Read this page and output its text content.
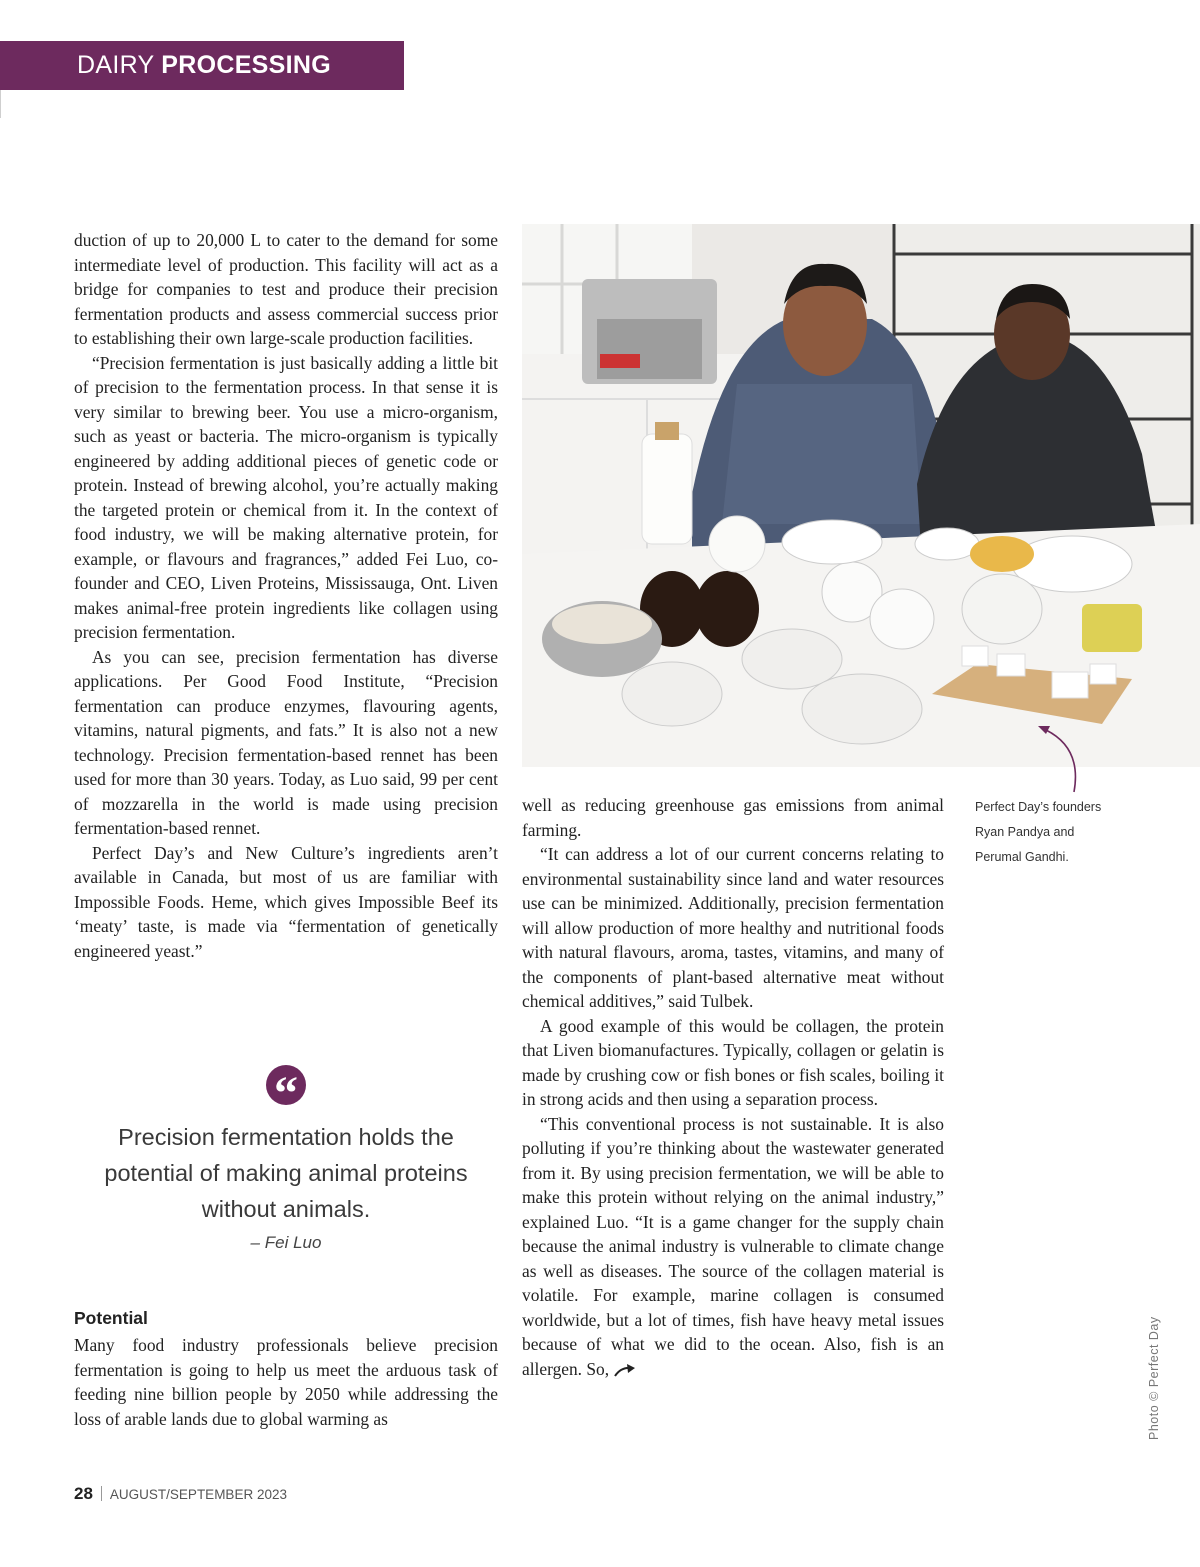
DAIRY PROCESSING

duction of up to 20,000 L to cater to the demand for some intermediate level of production. This facility will act as a bridge for companies to test and produce their precision fermentation products and assess commercial success prior to establishing their own large-scale production facilities.

“Precision fermentation is just basically adding a little bit of precision to the fermentation process. In that sense it is very similar to brewing beer. You use a micro-organism, such as yeast or bacteria. The micro-organism is typically engineered by adding additional pieces of genetic code or protein. Instead of brewing alcohol, you’re actually making the targeted protein or chemical from it. In the context of food industry, we will be making alternative protein, for example, or flavours and fragrances,” added Fei Luo, co-founder and CEO, Liven Proteins, Mississauga, Ont. Liven makes animal-free protein ingredients like collagen using precision fermentation.

As you can see, precision fermentation has diverse applications. Per Good Food Institute, “Precision fermentation can produce enzymes, flavouring agents, vitamins, natural pigments, and fats.” It is also not a new technology. Precision fermentation-based rennet has been used for more than 30 years. Today, as Luo said, 99 per cent of mozzarella in the world is made using precision fermentation-based rennet.

Perfect Day’s and New Culture’s ingredients aren’t available in Canada, but most of us are familiar with Impossible Foods. Heme, which gives Impossible Beef its ‘meaty’ taste, is made via “fermentation of genetically engineered yeast.”

Perfect Day’s founders
Ryan Pandya and
Perumal Gandhi.
Photo © Perfect Day

well as reducing greenhouse gas emissions from animal farming.

“It can address a lot of our current concerns relating to environmental sustainability since land and water resources use can be minimized. Additionally, precision fermentation will allow production of more healthy and nutritional foods with natural flavours, aroma, tastes, vitamins, and many of the components of plant-based alternative meat without chemical additives,” said Tulbek.

A good example of this would be collagen, the protein that Liven biomanufactures. Typically, collagen or gelatin is made by crushing cow or fish bones or fish scales, boiling it in strong acids and then using a separation process.

“This conventional process is not sustainable. It is also polluting if you’re thinking about the wastewater generated from it. By using precision fermentation, we will be able to make this protein without relying on the animal industry,” explained Luo. “It is a game changer for the supply chain because the animal industry is vulnerable to climate change as well as diseases. The source of the collagen material is volatile. For example, marine collagen is consumed worldwide, but a lot of times, fish have heavy metal issues because of what we did to the ocean. Also, fish is an allergen. So,

“

Precision fermentation holds the potential of making animal proteins without animals.

– Fei Luo
Potential

Many food industry professionals believe precision fermentation is going to help us meet the arduous task of feeding nine billion people by 2050 while addressing the loss of arable lands due to global warming as

28 AUGUST/SEPTEMBER 2023
